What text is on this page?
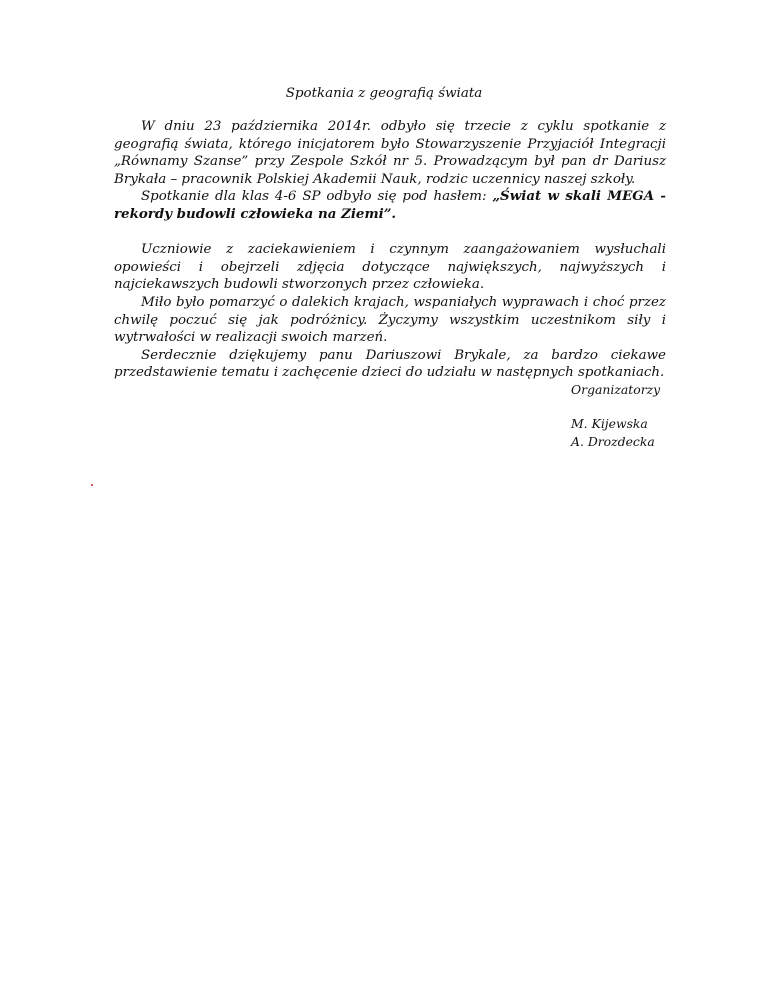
Spotkania z geografią świata

W dniu 23 października 2014r. odbyło się trzecie z cyklu spotkanie z geografią świata, którego inicjatorem było Stowarzyszenie Przyjaciół Integracji „Równamy Szanse” przy Zespole Szkół nr 5. Prowadzącym był pan dr Dariusz Brykała – pracownik Polskiej Akademii Nauk, rodzic uczennicy naszej szkoły.

Spotkanie dla klas 4-6 SP odbyło się pod hasłem: „Świat w skali MEGA - rekordy budowli człowieka na Ziemi”.

Uczniowie z zaciekawieniem i czynnym zaangażowaniem wysłuchali opowieści i obejrzeli zdjęcia dotyczące największych, najwyższych i najciekawszych budowli stworzonych przez człowieka.

Miło było pomarzyć o dalekich krajach, wspaniałych wyprawach i choć przez chwilę poczuć się jak podróżnicy. Życzymy wszystkim uczestnikom siły i wytrwałości w realizacji swoich marzeń.

Serdecznie dziękujemy panu Dariuszowi Brykale, za bardzo ciekawe przedstawienie tematu i zachęcenie dzieci do udziału w następnych spotkaniach.

Organizatorzy
M. Kijewska
A. Drozdecka
